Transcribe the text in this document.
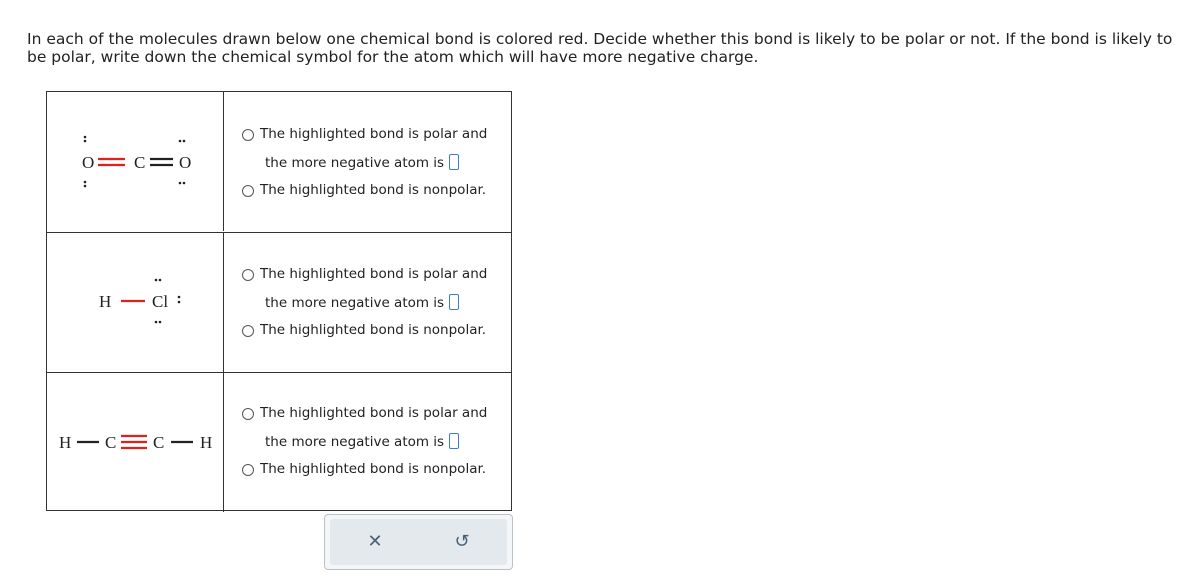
In each of the molecules drawn below one chemical bond is colored red. Decide whether this bond is likely to be polar or not. If the bond is likely to be polar, write down the chemical symbol for the atom which will have more negative charge.
O C O
The highlighted bond is polar and
the more negative atom is
The highlighted bond is nonpolar.
H Cl
The highlighted bond is polar and
the more negative atom is
The highlighted bond is nonpolar.
H C C H
The highlighted bond is polar and
the more negative atom is
The highlighted bond is nonpolar.
✕	↺
